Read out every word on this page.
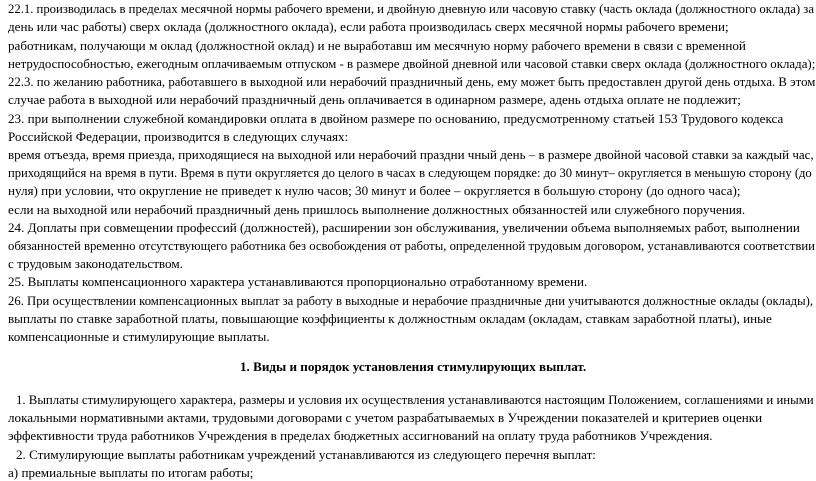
22.1. производилась в пределах месячной нормы рабочего времени, и двойную дневную или часовую ставку (часть оклада (должностного оклада) за
день или час работы) сверх оклада (должностного оклада), если работа производилась сверх месячной нормы рабочего времени;
работникам, получающи м оклад (должностной оклад) и не выработавш им месячную норму рабочего времени в связи с временной
нетрудоспособностью, ежегодным оплачиваемым отпуском - в размере двойной дневной или часовой ставки сверх оклада (должностного оклада);
22.3. по желанию работника, работавшего в выходной или нерабочий праздничный день, ему может быть предоставлен другой день отдыха. В этом
случае работа в выходной или нерабочий праздничный день оплачивается в одинарном размере, адень отдыха оплате не подлежит;
23. при выполнении служебной командировки оплата в двойном размере по основанию, предусмотренному статьей 153 Трудового кодекса
Российской Федерации, производится в следующих случаях:
время отъезда, время приезда, приходящиеся на выходной или нерабочий праздни чный день – в размере двойной часовой ставки за каждый час,
приходящийся на время в пути. Время в пути округляется до целого в часах в следующем порядке: до 30 минут– округляется в меньшую сторону (до
нуля) при условии, что округление не приведет к нулю часов; 30 минут и более – округляется в большую сторону (до одного часа);
если на выходной или нерабочий праздничный день пришлось выполнение должностных обязанностей или служебного поручения.
24. Доплаты при совмещении профессий (должностей), расширении зон обслуживания, увеличении объема выполняемых работ, выполнении
обязанностей временно отсутствующего работника без освобождения от работы, определенной трудовым договором, устанавливаются соответствии
с трудовым законодательством.
25. Выплаты компенсационного характера устанавливаются пропорционально отработанному времени.
26. При осуществлении компенсационных выплат за работу в выходные и нерабочие праздничные дни учитываются должностные оклады (оклады),
выплаты по ставке заработной платы, повышающие коэффициенты к должностным окладам (окладам, ставкам заработной платы), иные
компенсационные и стимулирующие выплаты.
1. Виды и порядок установления стимулирующих выплат.
1. Выплаты стимулирующего характера, размеры и условия их осуществления устанавливаются настоящим Положением, соглашениями и иными
локальными нормативными актами, трудовыми договорами с учетом разрабатываемых в Учреждении показателей и критериев оценки
эффективности труда работников Учреждения в пределах бюджетных ассигнований на оплату труда работников Учреждения.
2. Стимулирующие выплаты работникам учреждений устанавливаются из следующего перечня выплат:
а) премиальные выплаты по итогам работы;
